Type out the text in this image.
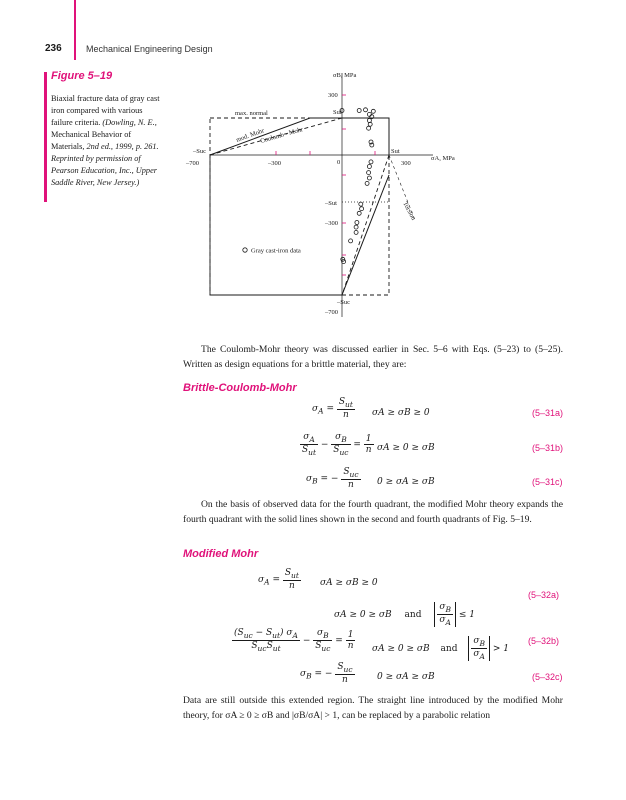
236	Mechanical Engineering Design
Figure 5–19
Biaxial fracture data of gray cast iron compared with various failure criteria. (Dowling, N. E., Mechanical Behavior of Materials, 2nd ed., 1999, p. 261. Reprinted by permission of Pearson Education, Inc., Upper Saddle River, New Jersey.)
σB, MPa
σA, MPa
300
0
–300
–700
–700	–300	300
max. normal
mod. Mohr
Coulomb - Mohr
Torsion
Sut
Sut
–Suc
–Sut
–Suc
Gray cast-iron data
The Coulomb-Mohr theory was discussed earlier in Sec. 5–6 with Eqs. (5–23) to (5–25). Written as design equations for a brittle material, they are:
Brittle-Coulomb-Mohr
$\sigma_A = \frac{S_{ut}}{n}$ σA ≥ σB ≥ 0	(5–31a)
$\frac{\sigma_A}{S_{ut}} - \frac{\sigma_B}{S_{uc}} = \frac{1}{n}$ σA ≥ 0 ≥ σB	(5–31b)
$\sigma_B$ = − $\frac{S_{uc}}{n} 0 \ge \sigma A \ge \sigma B$	(5–31c)
On the basis of observed data for the fourth quadrant, the modified Mohr theory expands the fourth quadrant with the solid lines shown in the second and fourth quadrants of Fig. 5–19.
Modified Mohr
$\sigma_A = \frac{S_{ut}}{n}$ σA ≥ σB ≥ 0
σA ≥ 0 ≥ σB and $\frac{\sigma_B}{\sigma_A} \le 1$
(5–32a)
$\frac{(S_{uc} - S_{ut}) \sigma_A}{S_{uc}S_{ut}} - \frac{\sigma_B}{S_{uc}} = \frac{1}{n}$ σA ≥ 0 ≥ σB and $\frac{\sigma_B}{\sigma_A} > 1$
(5–32b)
$\sigma_B$ = − $\frac{S_{uc}}{n} 0 \ge \sigma A \ge \sigma B$	(5–32c)
Data are still outside this extended region. The straight line introduced by the modified Mohr theory, for σA ≥ 0 ≥ σB and |σB/σA| > 1, can be replaced by a parabolic relation
